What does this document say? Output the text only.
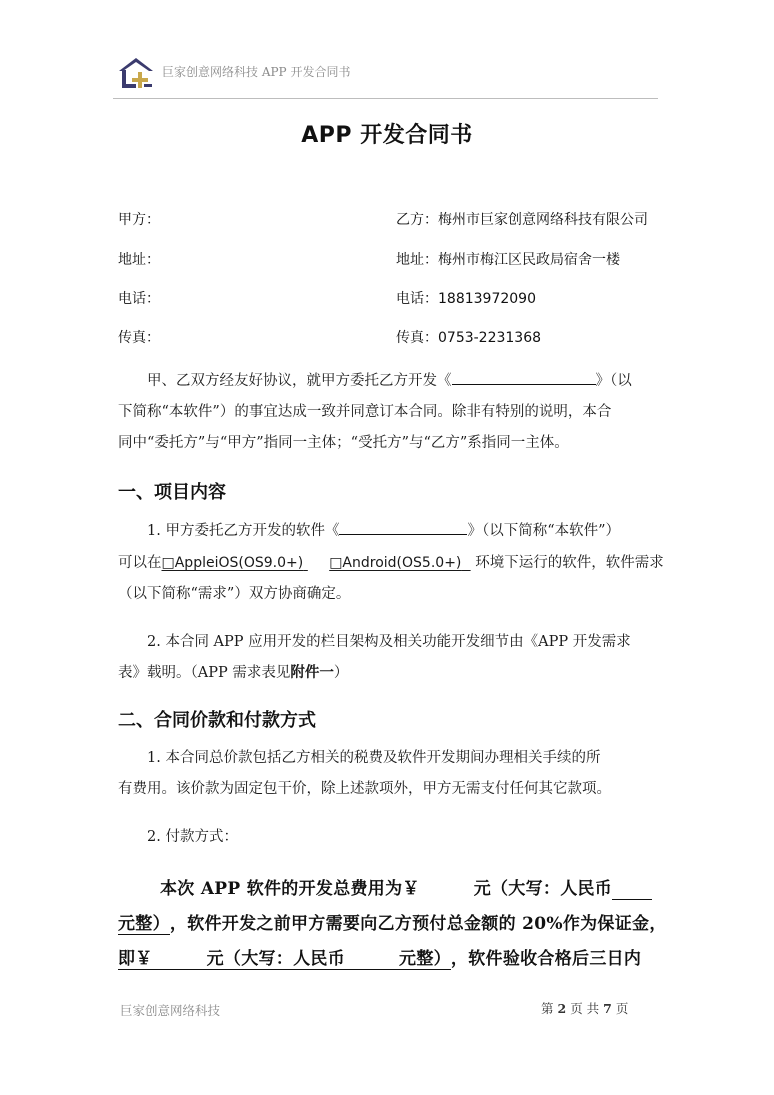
巨家创意网络科技 APP 开发合同书
APP 开发合同书
甲方：	乙方：梅州市巨家创意网络科技有限公司
地址：	地址：梅州市梅江区民政局宿舍一楼
电话：	电话：18813972090
传真：	传真：0753-2231368
甲、乙双方经友好协议，就甲方委托乙方开发《	》（以
下简称“本软件”）的事宜达成一致并同意订本合同。除非有特别的说明，本合
同中“委托方”与“甲方”指同一主体；“受托方”与“乙方”系指同一主体。
一、项目内容
1. 甲方委托乙方开发的软件《	》（以下简称“本软件”）
可以在□AppleiOS(OS9.0+) □Android(OS5.0+) 环境下运行的软件，软件需求
（以下简称“需求”）双方协商确定。
2. 本合同 APP 应用开发的栏目架构及相关功能开发细节由《APP 开发需求
表》载明。（APP 需求表见附件一）
二、合同价款和付款方式
1. 本合同总价款包括乙方相关的税费及软件开发期间办理相关手续的所
有费用。该价款为固定包干价，除上述款项外，甲方无需支付任何其它款项。
2. 付款方式：
本次 APP 软件的开发总费用为￥	元（大写：人民币
元整），软件开发之前甲方需要向乙方预付总金额的 20%作为保证金，
即￥	元（大写：人民币	元整），软件验收合格后三日内
巨家创意网络科技	第 2 页 共 7 页
